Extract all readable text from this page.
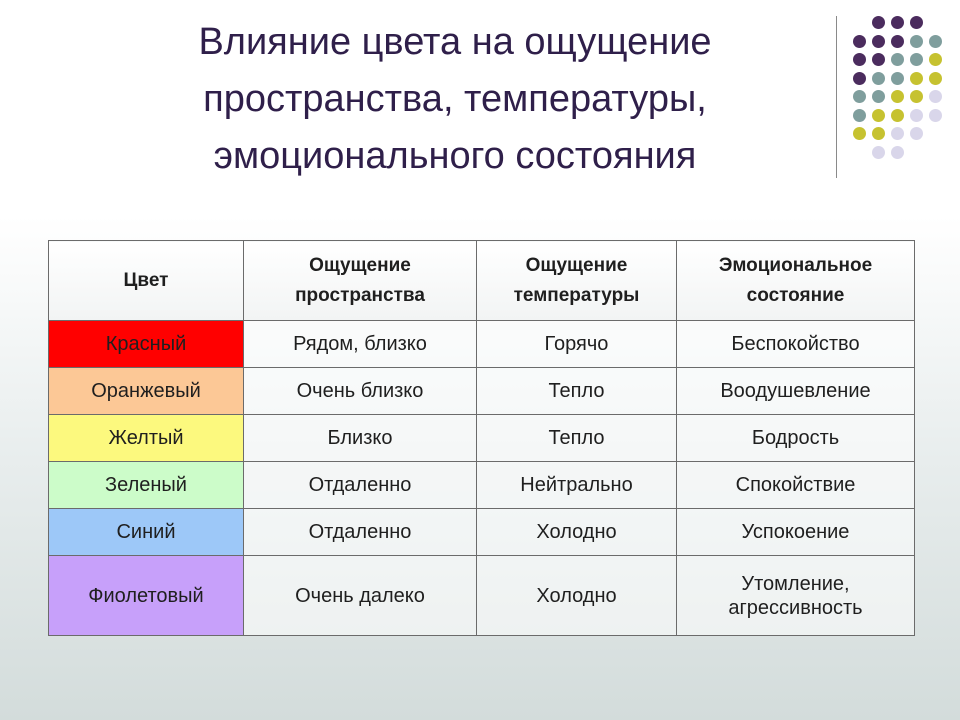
Влияние цвета на ощущение
пространства, температуры,
эмоционального состояния
Цвет	Ощущение пространства	Ощущение температуры	Эмоциональное состояние
Красный	Рядом, близко	Горячо	Беспокойство
Оранжевый	Очень близко	Тепло	Воодушевление
Желтый	Близко	Тепло	Бодрость
Зеленый	Отдаленно	Нейтрально	Спокойствие
Синий	Отдаленно	Холодно	Успокоение
Фиолетовый	Очень далеко	Холодно	Утомление, агрессивность
